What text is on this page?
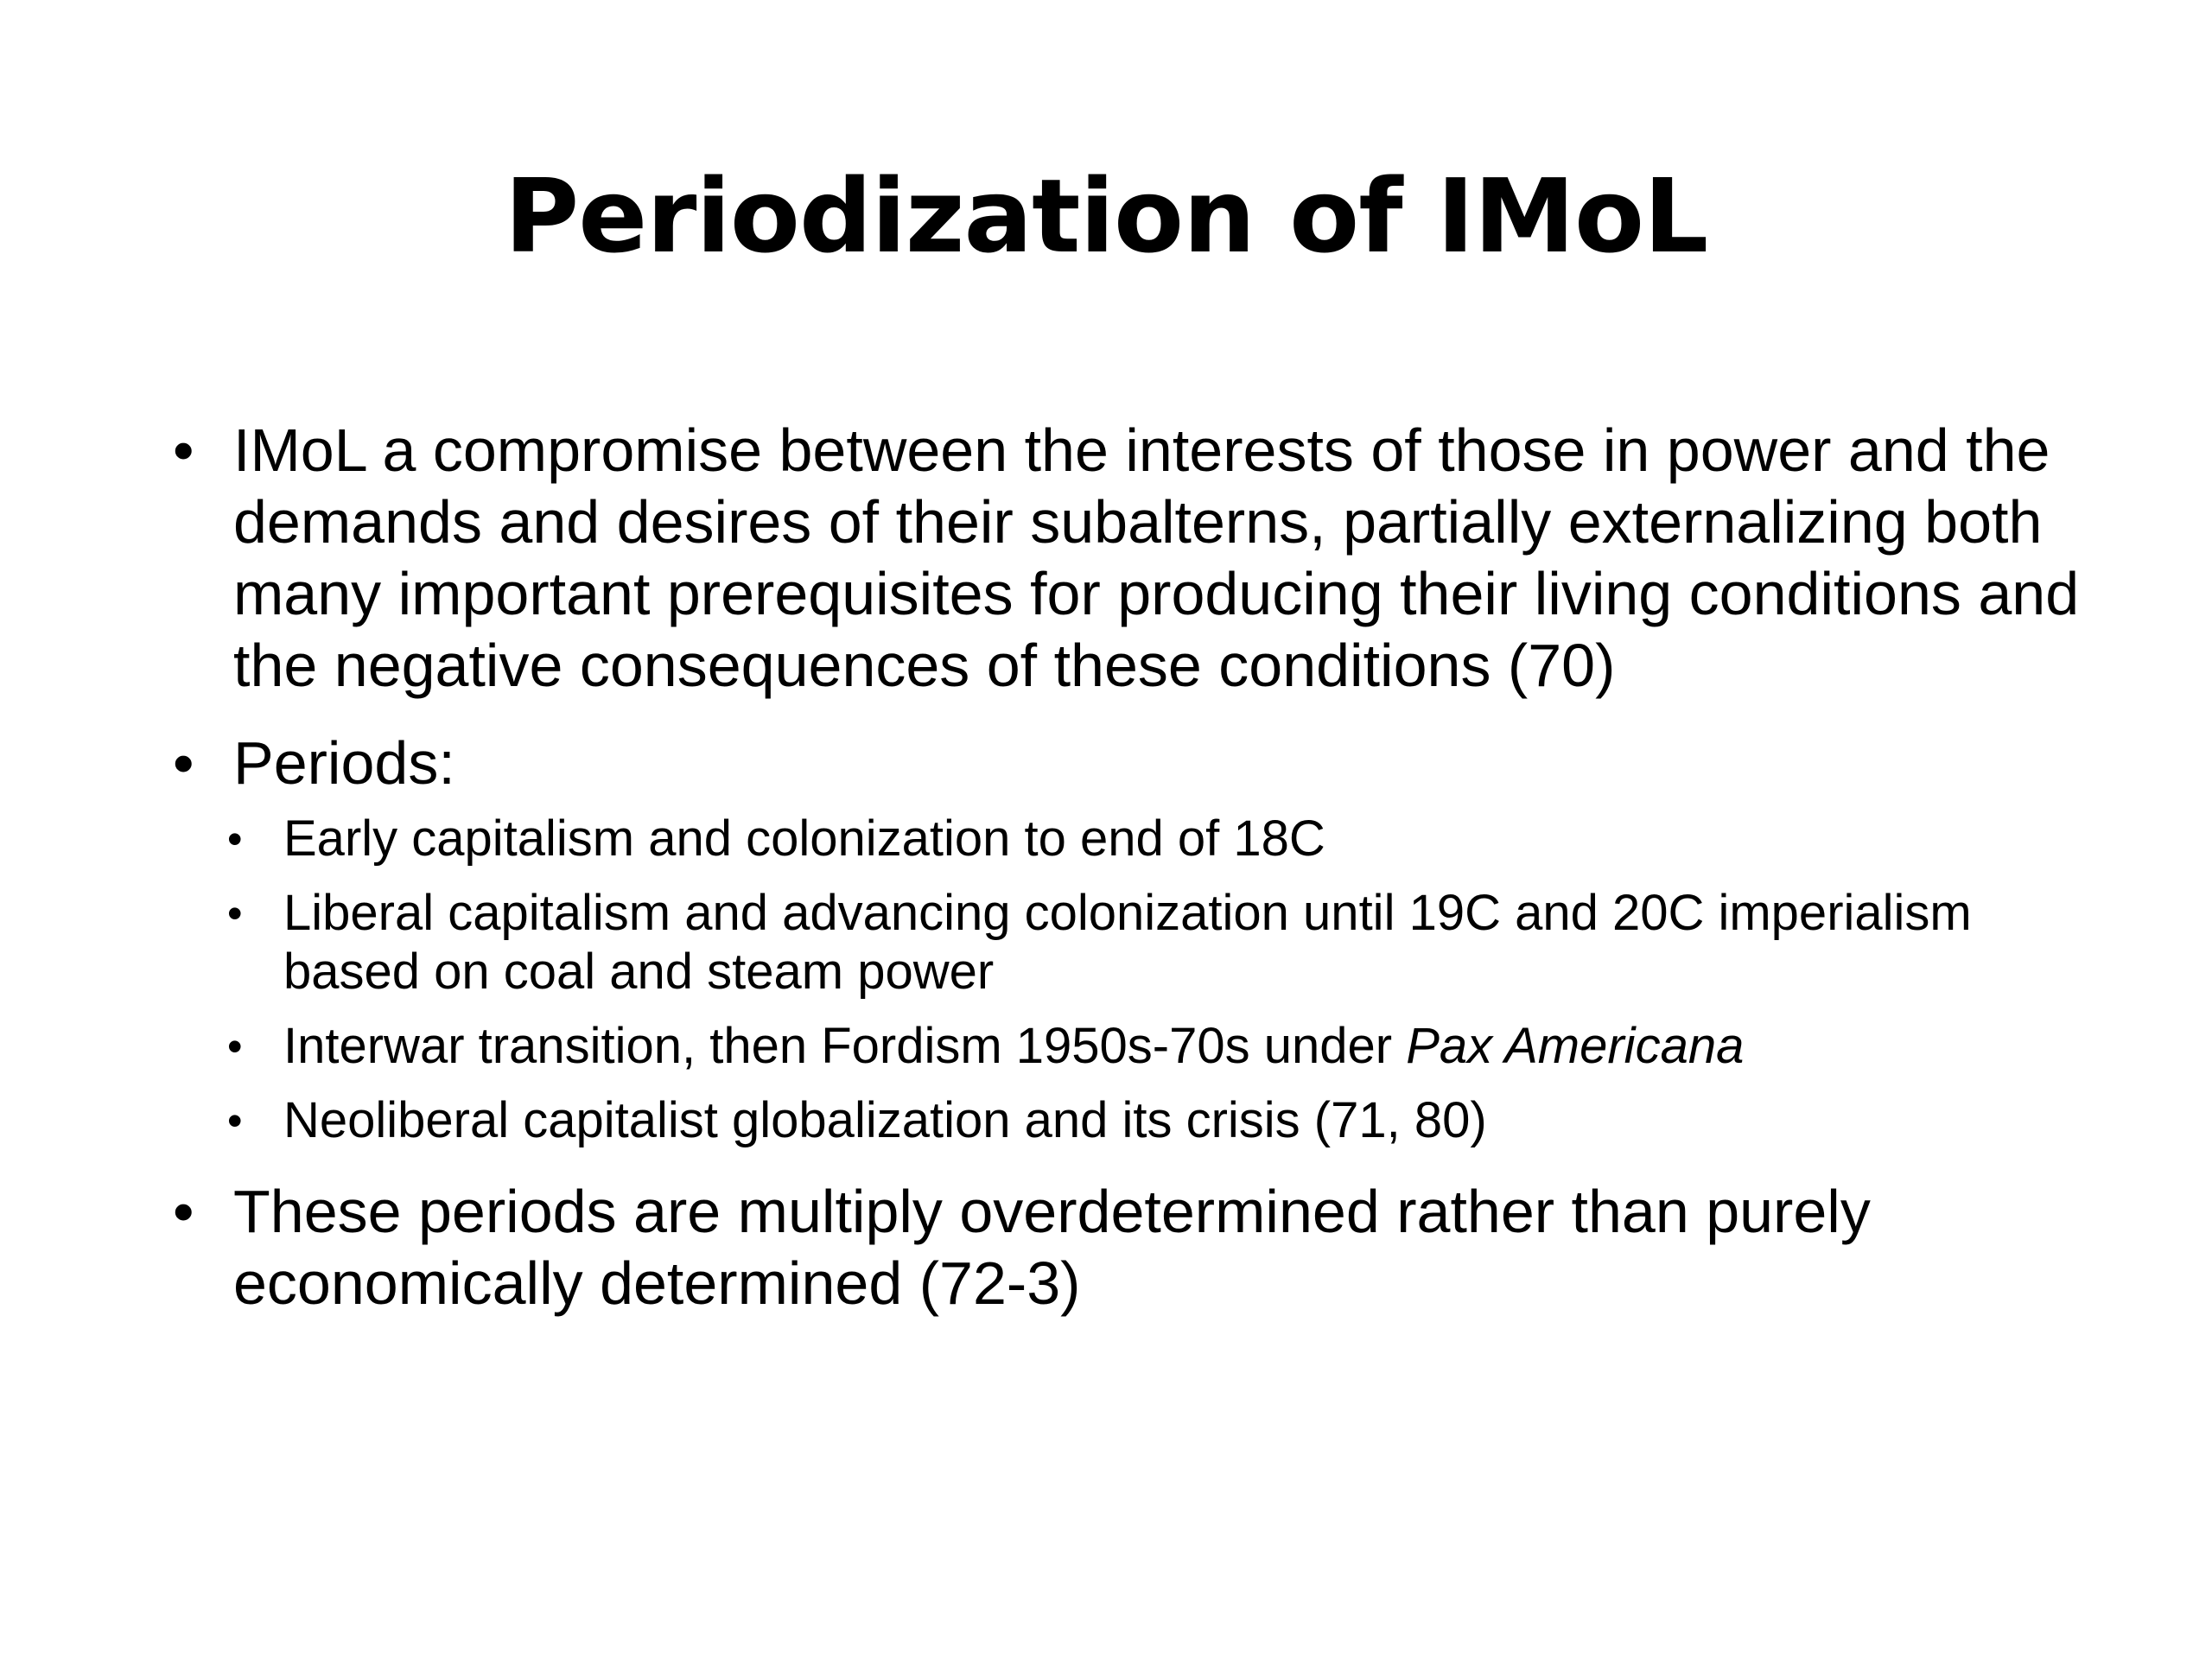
Periodization of IMoL
• IMoL a compromise between the interests of those in power and the demands and desires of their subalterns, partially externalizing both many important prerequisites for producing their living conditions and the negative consequences of these conditions (70)
• Periods:
• Early capitalism and colonization to end of 18C
• Liberal capitalism and advancing colonization until 19C and 20C imperialism based on coal and steam power
• Interwar transition, then Fordism 1950s-70s under Pax Americana
• Neoliberal capitalist globalization and its crisis (71, 80)
• These periods are multiply overdetermined rather than purely economically determined (72-3)
